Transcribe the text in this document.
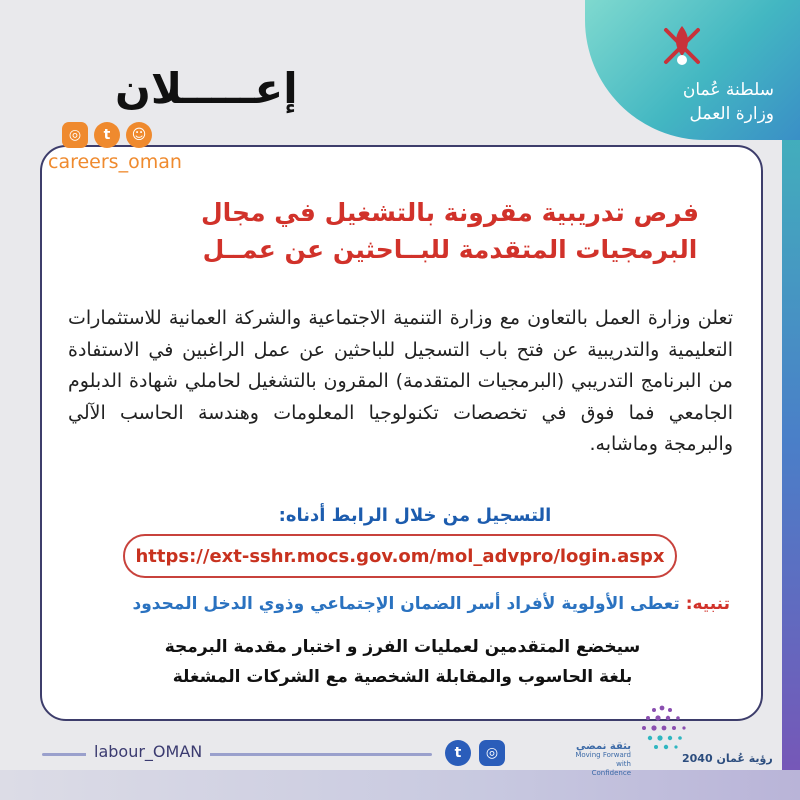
سلطنة عُمان
وزارة العمل
إعـــــلان
◎	t	☺
careers_oman
فرص تدريبية مقرونة بالتشغيل في مجال
البرمجيات المتقدمة للبــاحثين عن عمــل
تعلن وزارة العمل بالتعاون مع وزارة التنمية الاجتماعية والشركة العمانية للاستثمارات التعليمية والتدريبية عن فتح باب التسجيل للباحثين عن عمل الراغبين في الاستفادة من البرنامج التدريبي (البرمجيات المتقدمة) المقرون بالتشغيل لحاملي شهادة الدبلوم الجامعي فما فوق في تخصصات تكنولوجيا المعلومات وهندسة الحاسب الآلي والبرمجة وماشابه.
التسجيل من خلال الرابط أدناه:
https://ext-sshr.mocs.gov.om/mol_advpro/login.aspx
تنبيه: تعطى الأولوية لأفراد أسر الضمان الإجتماعي وذوي الدخل المحدود
سيخضع المتقدمين لعمليات الفرز و اختبار مقدمة البرمجة
بلغة الحاسوب والمقابلة الشخصية مع الشركات المشغلة
labour_OMAN	t	◎	رؤية عُمان 2040
بثقة نمضي
Moving Forward with Confidence
